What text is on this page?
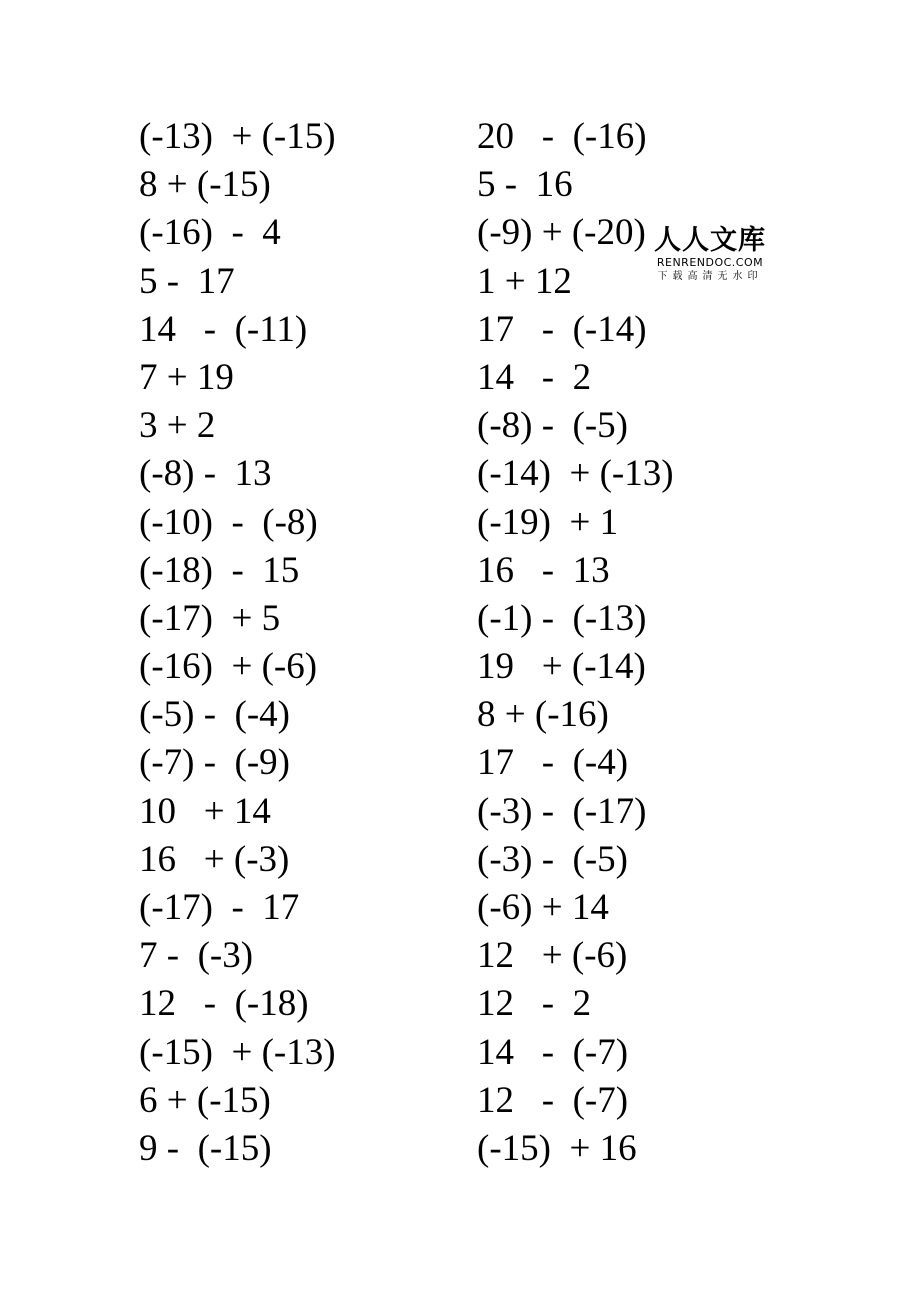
(-13)  + (-15)
8 + (-15)
(-16)  -  4
5 -  17
14   -  (-11)
7 + 19
3 + 2
(-8) -  13
(-10)  -  (-8)
(-18)  -  15
(-17)  + 5
(-16)  + (-6)
(-5) -  (-4)
(-7) -  (-9)
10   + 14
16   + (-3)
(-17)  -  17
7 -  (-3)
12   -  (-18)
(-15)  + (-13)
6 + (-15)
9 -  (-15)
20   -  (-16)
5 -  16
(-9) + (-20)
1 + 12
17   -  (-14)
14   -  2
(-8) -  (-5)
(-14)  + (-13)
(-19)  + 1
16   -  13
(-1) -  (-13)
19   + (-14)
8 + (-16)
17   -  (-4)
(-3) -  (-17)
(-3) -  (-5)
(-6) + 14
12   + (-6)
12   -  2
14   -  (-7)
12   -  (-7)
(-15)  + 16
人人文库
RENRENDOC.COM
下载高清无水印
